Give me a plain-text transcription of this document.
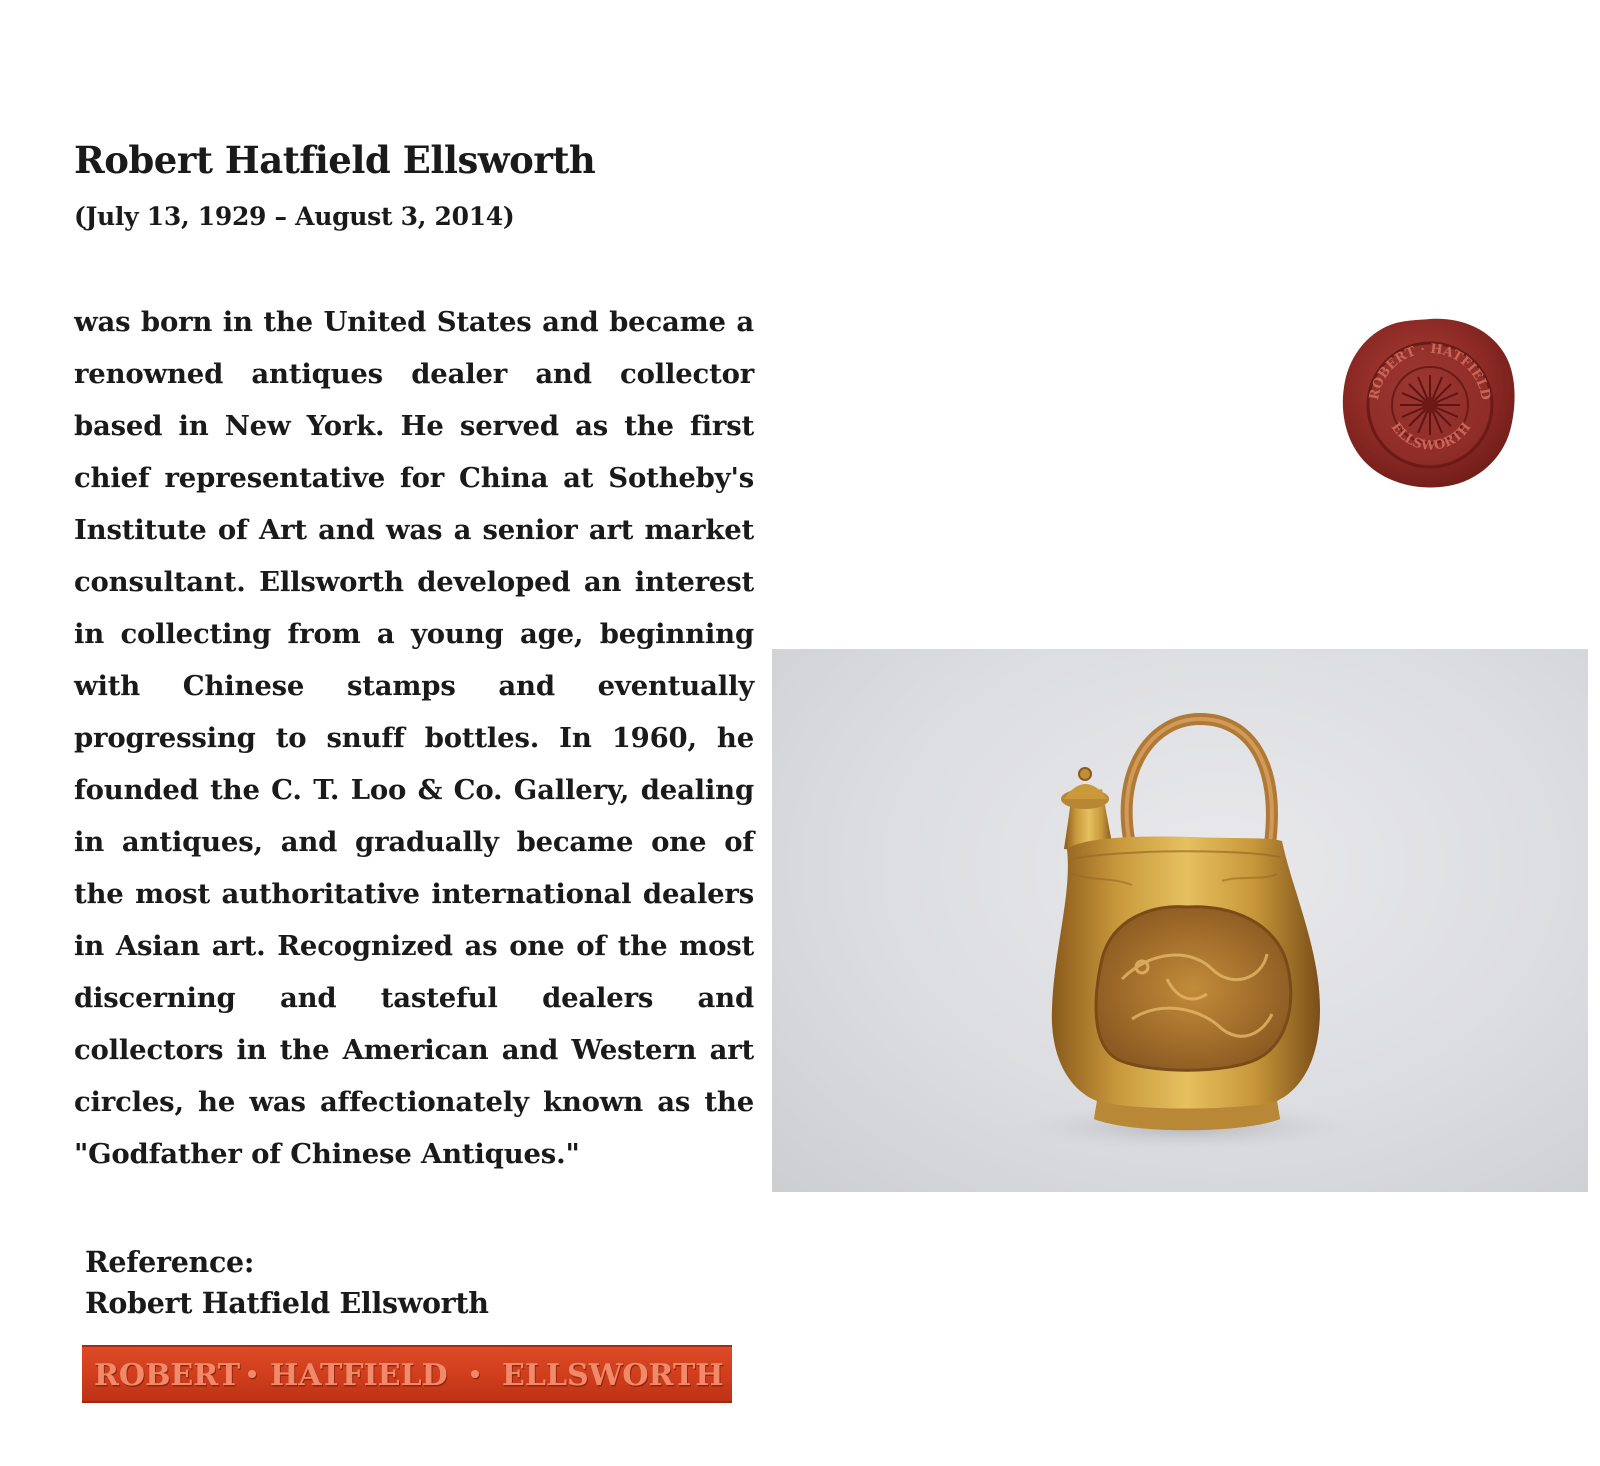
Robert Hatfield Ellsworth
(July 13, 1929 – August 3, 2014)

was born in the United States and became a renowned antiques dealer and collector based in New York. He served as the first chief representative for China at Sotheby's Institute of Art and was a senior art market consultant. Ellsworth developed an interest in collecting from a young age, beginning with Chinese stamps and eventually progressing to snuff bottles. In 1960, he founded the C. T. Loo & Co. Gallery, dealing in antiques, and gradually became one of the most authoritative international dealers in Asian art. Recognized as one of the most discerning and tasteful dealers and collectors in the American and Western art circles, he was affectionately known as the "Godfather of Chinese Antiques."

Reference:
Robert Hatfield Ellsworth
ROBERT HATFIELD ELLSWORTH
ROBERT · HATFIELD
ELLSWORTH
